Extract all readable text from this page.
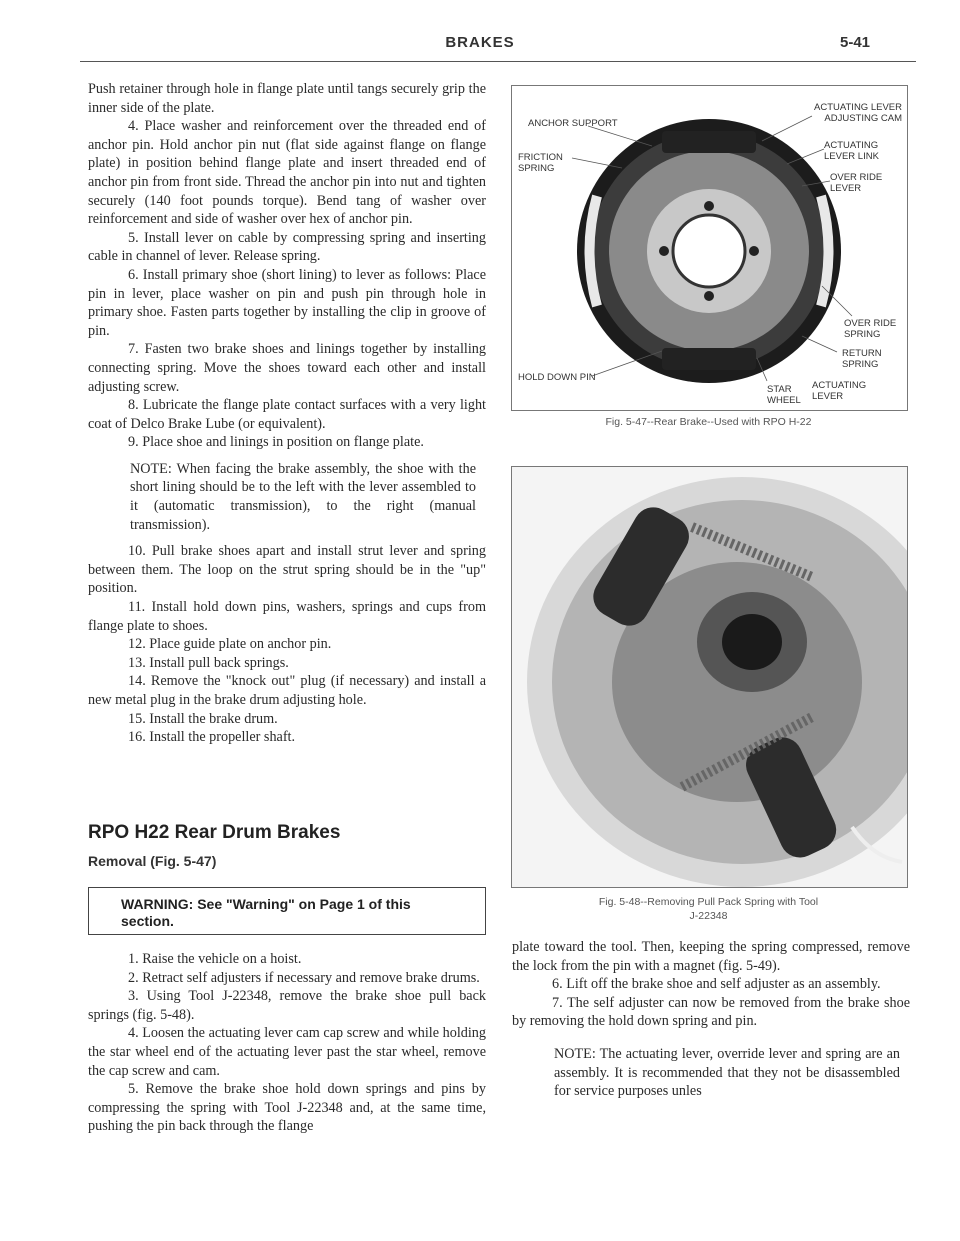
BRAKES	5-41

Push retainer through hole in flange plate until tangs securely grip the inner side of the plate.

4. Place washer and reinforcement over the threaded end of anchor pin. Hold anchor pin nut (flat side against flange on flange plate) in position behind flange plate and insert threaded end of anchor pin from front side. Thread the anchor pin into nut and tighten securely (140 foot pounds torque). Bend tang of washer over reinforcement and side of washer over hex of anchor pin.

5. Install lever on cable by compressing spring and inserting cable in channel of lever. Release spring.

6. Install primary shoe (short lining) to lever as follows: Place pin in lever, place washer on pin and push pin through hole in primary shoe. Fasten parts together by installing the clip in groove of pin.

7. Fasten two brake shoes and linings together by installing connecting spring. Move the shoes toward each other and install adjusting screw.

8. Lubricate the flange plate contact surfaces with a very light coat of Delco Brake Lube (or equivalent).

9. Place shoe and linings in position on flange plate.

NOTE: When facing the brake assembly, the shoe with the short lining should be to the left with the lever assembled to it (automatic transmission), to the right (manual transmission).

10. Pull brake shoes apart and install strut lever and spring between them. The loop on the strut spring should be in the "up" position.

11. Install hold down pins, washers, springs and cups from flange plate to shoes.

12. Place guide plate on anchor pin.

13. Install pull back springs.

14. Remove the "knock out" plug (if necessary) and install a new metal plug in the brake drum adjusting hole.

15. Install the brake drum.

16. Install the propeller shaft.

RPO H22 Rear Drum Brakes
Removal (Fig. 5-47)
WARNING: See "Warning" on Page 1 of this section.

1. Raise the vehicle on a hoist.

2. Retract self adjusters if necessary and remove brake drums.

3. Using Tool J-22348, remove the brake shoe pull back springs (fig. 5-48).

4. Loosen the actuating lever cam cap screw and while holding the star wheel end of the actuating lever past the star wheel, remove the cap screw and cam.

5. Remove the brake shoe hold down springs and pins by compressing the spring with Tool J-22348 and, at the same time, pushing the pin back through the flange

ANCHOR SUPPORT
FRICTION SPRING
ACTUATING LEVER ADJUSTING CAM
ACTUATING LEVER LINK
OVER RIDE LEVER
OVER RIDE SPRING
RETURN SPRING
ACTUATING LEVER
HOLD DOWN PIN
STAR WHEEL
Fig. 5-47--Rear Brake--Used with RPO H-22
Fig. 5-48--Removing Pull Pack Spring with Tool
J-22348

plate toward the tool. Then, keeping the spring compressed, remove the lock from the pin with a magnet (fig. 5-49).

6. Lift off the brake shoe and self adjuster as an assembly.

7. The self adjuster can now be removed from the brake shoe by removing the hold down spring and pin.

NOTE: The actuating lever, override lever and spring are an assembly. It is recommended that they not be disassembled for service purposes unles
